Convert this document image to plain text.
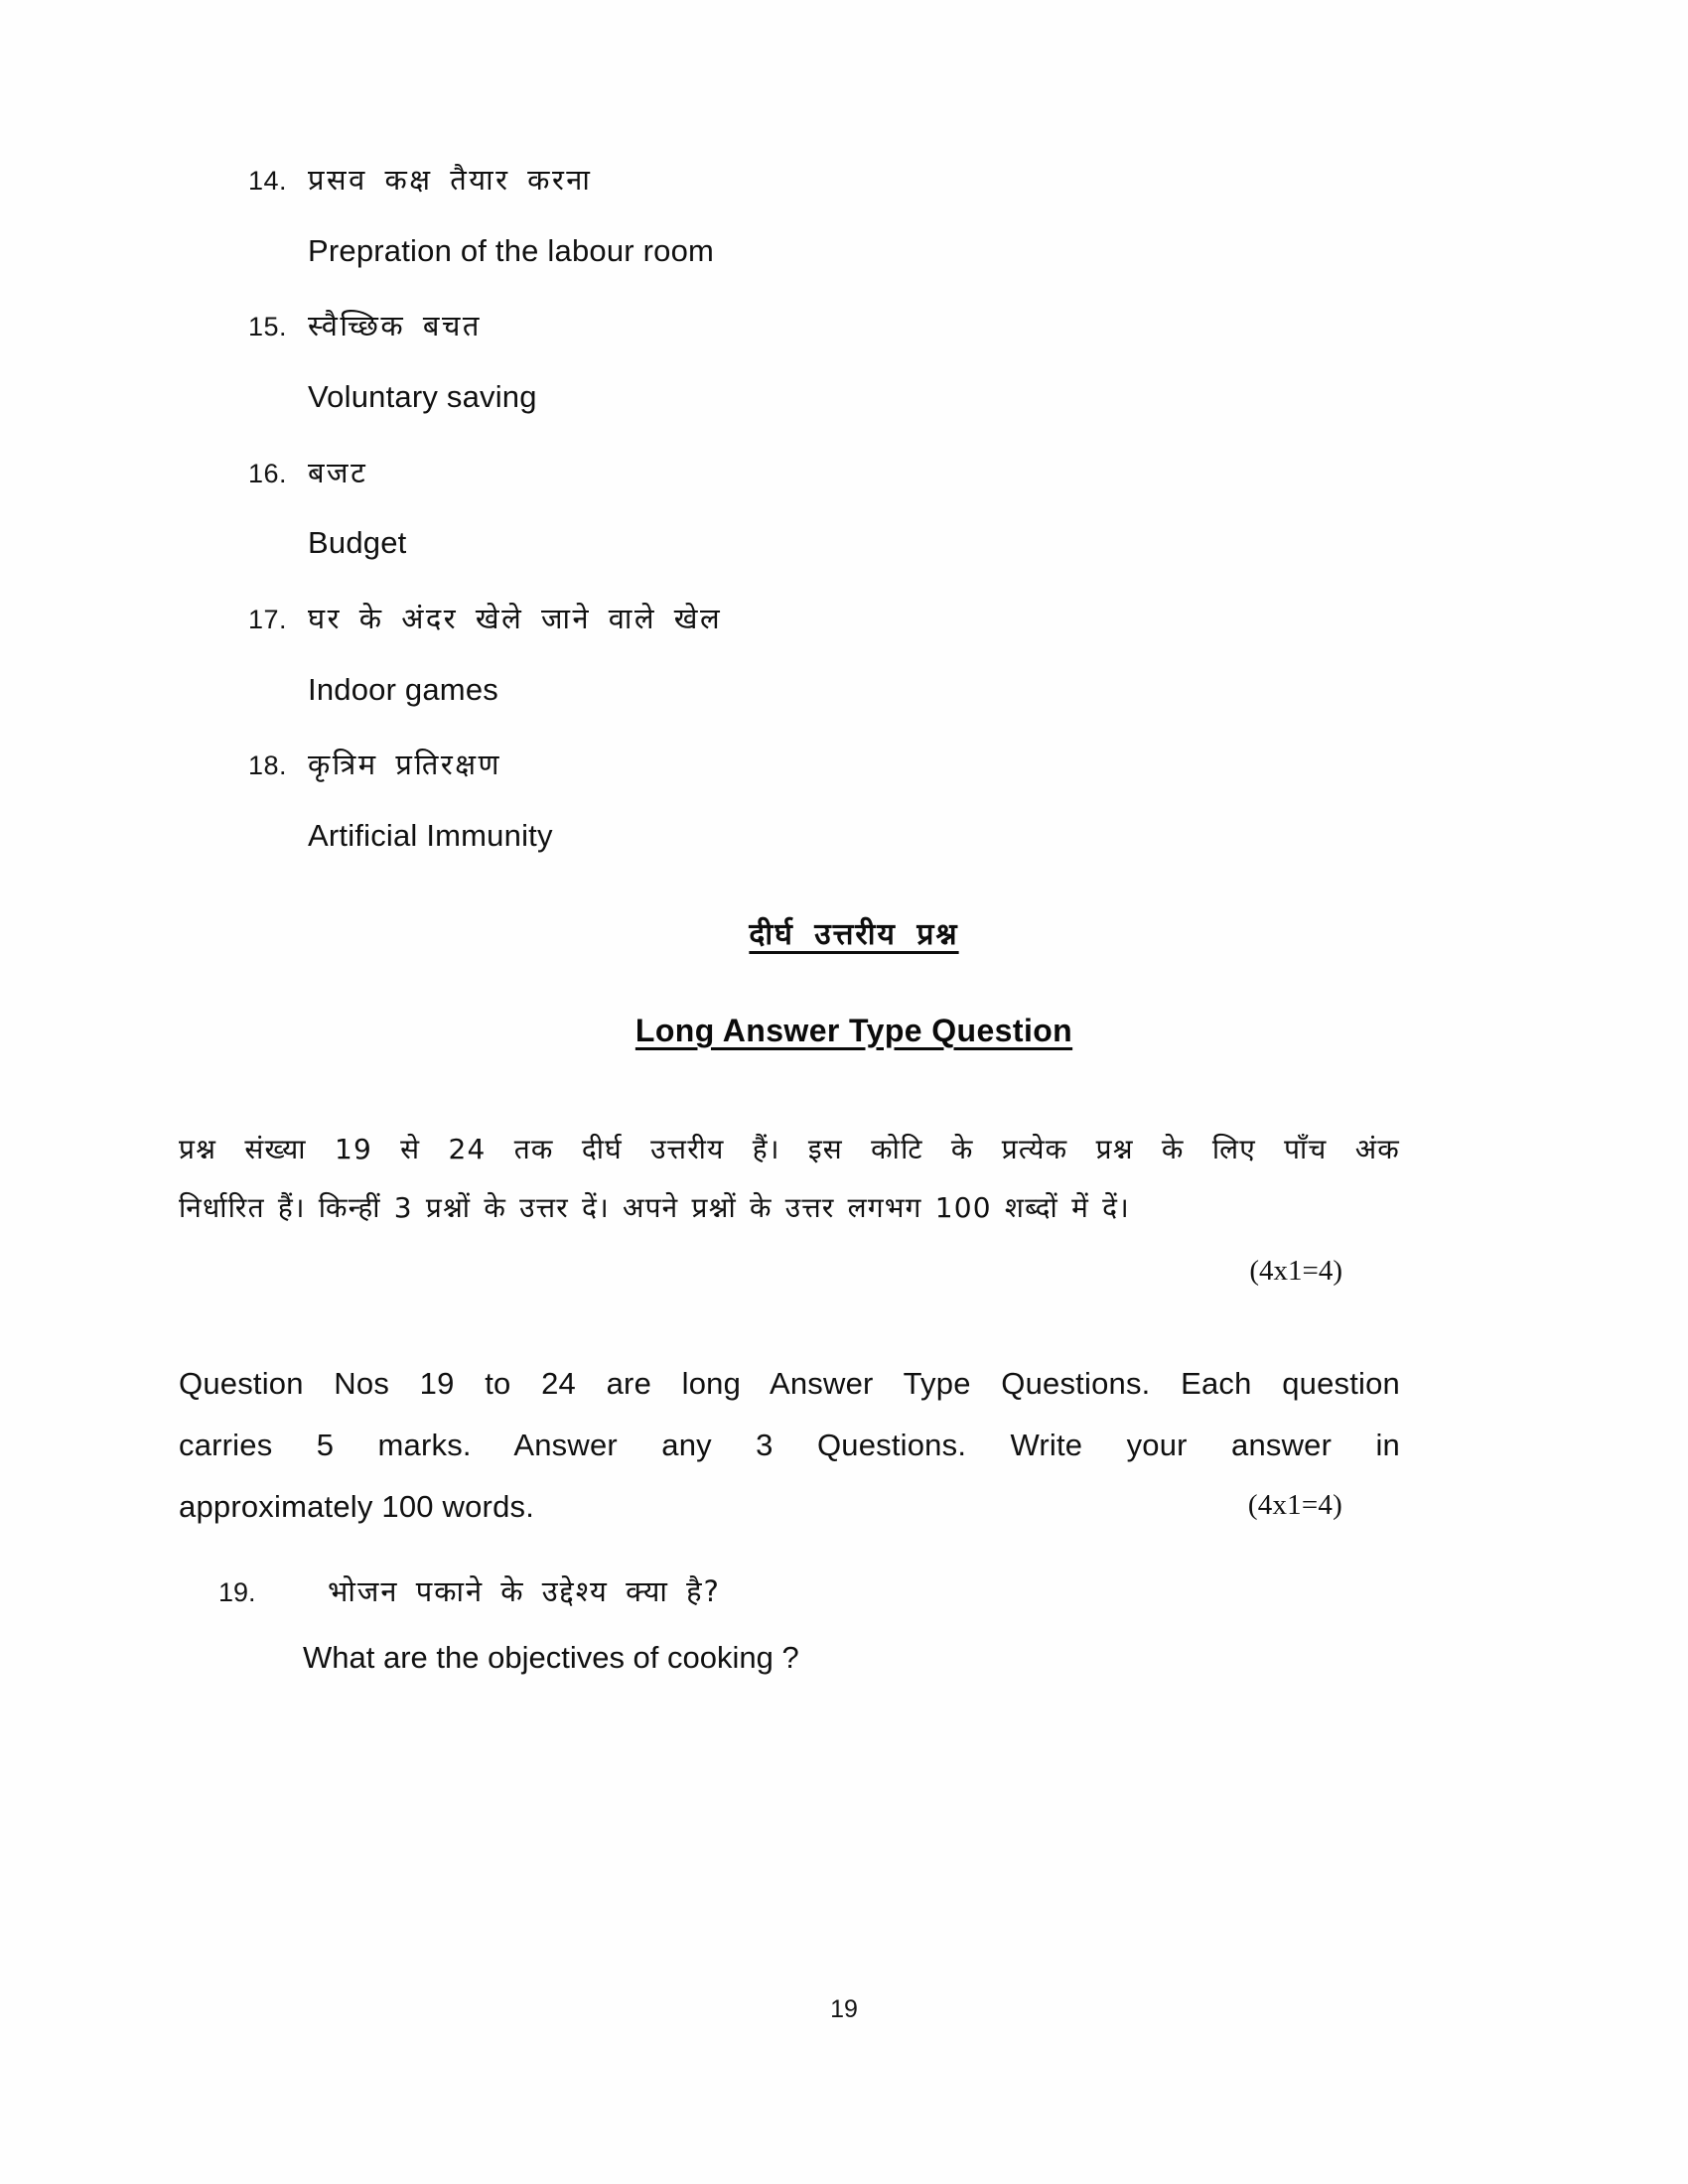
14. प्रसव कक्ष तैयार करना
Prepration of the labour room
15. स्वैच्छिक बचत
Voluntary saving
16. बजट
Budget
17. घर के अंदर खेले जाने वाले खेल
Indoor games
18. कृत्रिम प्रतिरक्षण
Artificial Immunity
दीर्घ उत्तरीय प्रश्न
Long Answer Type Question
प्रश्न संख्या 19 से 24 तक दीर्घ उत्तरीय हैं। इस कोटि के प्रत्येक प्रश्न के लिए पाँच अंक
निर्धारित हैं। किन्हीं 3 प्रश्नों के उत्तर दें। अपने प्रश्नों के उत्तर लगभग 100 शब्दों में दें।
(4x1=4)
Question Nos 19 to 24 are long Answer Type Questions. Each question
carries 5 marks. Answer any 3 Questions. Write your answer in
approximately 100 words.	(4x1=4)
19.	भोजन पकाने के उद्देश्य क्या है?
What are the objectives of cooking ?
19
